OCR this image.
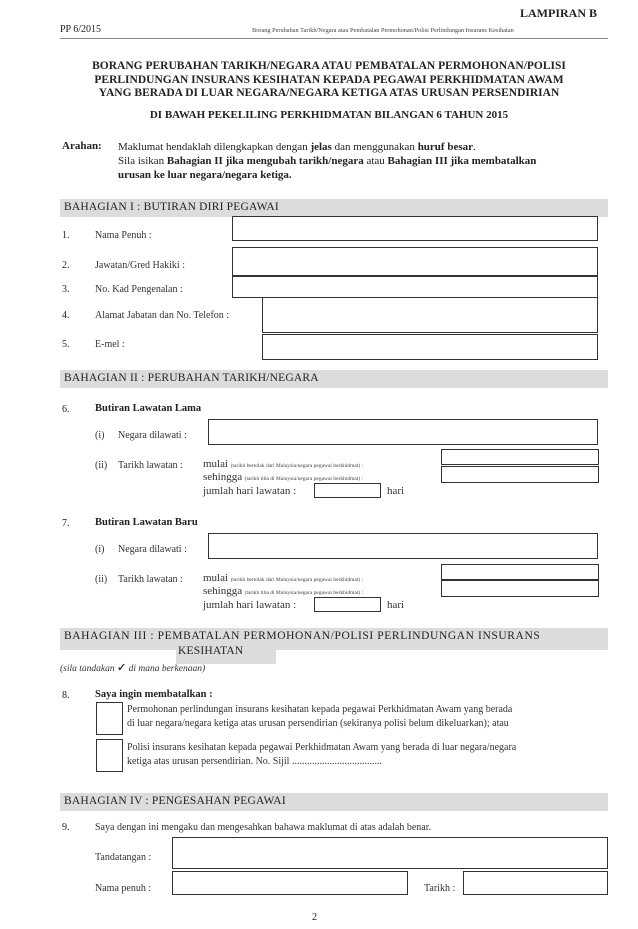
LAMPIRAN B
PP 6/2015	Borang Perubahan Tarikh/Negara atau Pembatalan Permohonan/Polisi Perlindungan Insurans Kesihatan
BORANG PERUBAHAN TARIKH/NEGARA ATAU PEMBATALAN PERMOHONAN/POLISI
PERLINDUNGAN INSURANS KESIHATAN KEPADA PEGAWAI PERKHIDMATAN AWAM
YANG BERADA DI LUAR NEGARA/NEGARA KETIGA ATAS URUSAN PERSENDIRIAN
DI BAWAH PEKELILING PERKHIDMATAN BILANGAN 6 TAHUN 2015
Arahan: Maklumat hendaklah dilengkapkan dengan jelas dan menggunakan huruf besar.
Sila isikan Bahagian II jika mengubah tarikh/negara atau Bahagian III jika membatalkan
urusan ke luar negara/negara ketiga.
BAHAGIAN I : BUTIRAN DIRI PEGAWAI
1.	Nama Penuh :
2.	Jawatan/Gred Hakiki :
3.	No. Kad Pengenalan :
4.	Alamat Jabatan dan No. Telefon :
5.	E-mel :
BAHAGIAN II : PERUBAHAN TARIKH/NEGARA
6. Butiran Lawatan Lama
(i) Negara dilawati :
(ii) Tarikh lawatan : mulai (tarikh bertolak dari Malaysia/negara pegawai berkhidmat) :
sehingga (tarikh tiba di Malaysia/negara pegawai berkhidmat) :
jumlah hari lawatan :	hari
7. Butiran Lawatan Baru
(i) Negara dilawati :
(ii) Tarikh lawatan : mulai (tarikh bertolak dari Malaysia/negara pegawai berkhidmat) :
sehingga (tarikh tiba di Malaysia/negara pegawai berkhidmat) :
jumlah hari lawatan :	hari
BAHAGIAN III : PEMBATALAN PERMOHONAN/POLISI PERLINDUNGAN INSURANS
KESIHATAN
(sila tandakan ✓ di mana berkenaan)
8. Saya ingin membatalkan :
Permohonan perlindungan insurans kesihatan kepada pegawai Perkhidmatan Awam yang berada
di luar negara/negara ketiga atas urusan persendirian (sekiranya polisi belum dikeluarkan); atau
Polisi insurans kesihatan kepada pegawai Perkhidmatan Awam yang berada di luar negara/negara
ketiga atas urusan persendirian. No. Sijil ....................................
BAHAGIAN IV : PENGESAHAN PEGAWAI
9.	Saya dengan ini mengaku dan mengesahkan bahawa maklumat di atas adalah benar.
Tandatangan :
Nama penuh :	Tarikh :
2
